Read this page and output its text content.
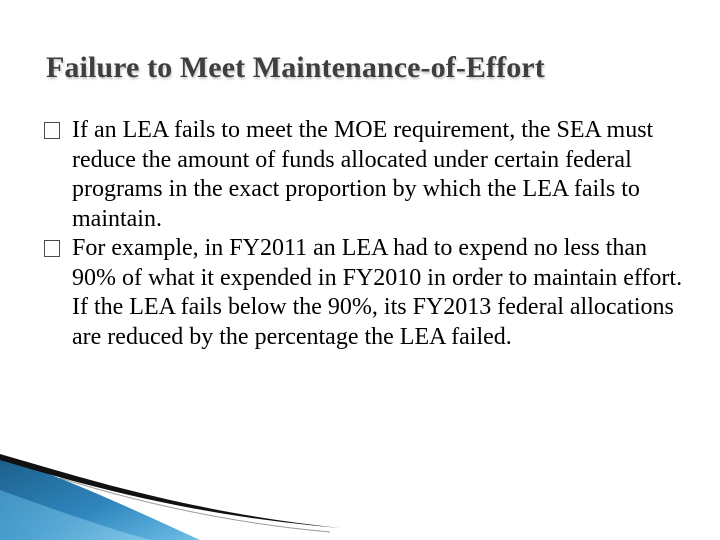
Failure to Meet Maintenance-of-Effort
If an LEA fails to meet the MOE requirement, the SEA must reduce the amount of funds allocated under certain federal programs in the exact proportion by which the LEA fails to maintain.
For example, in FY2011 an LEA had to expend no less than 90% of what it expended in FY2010 in order to maintain effort. If the LEA fails below the 90%, its FY2013 federal allocations are reduced by the percentage the LEA failed.
